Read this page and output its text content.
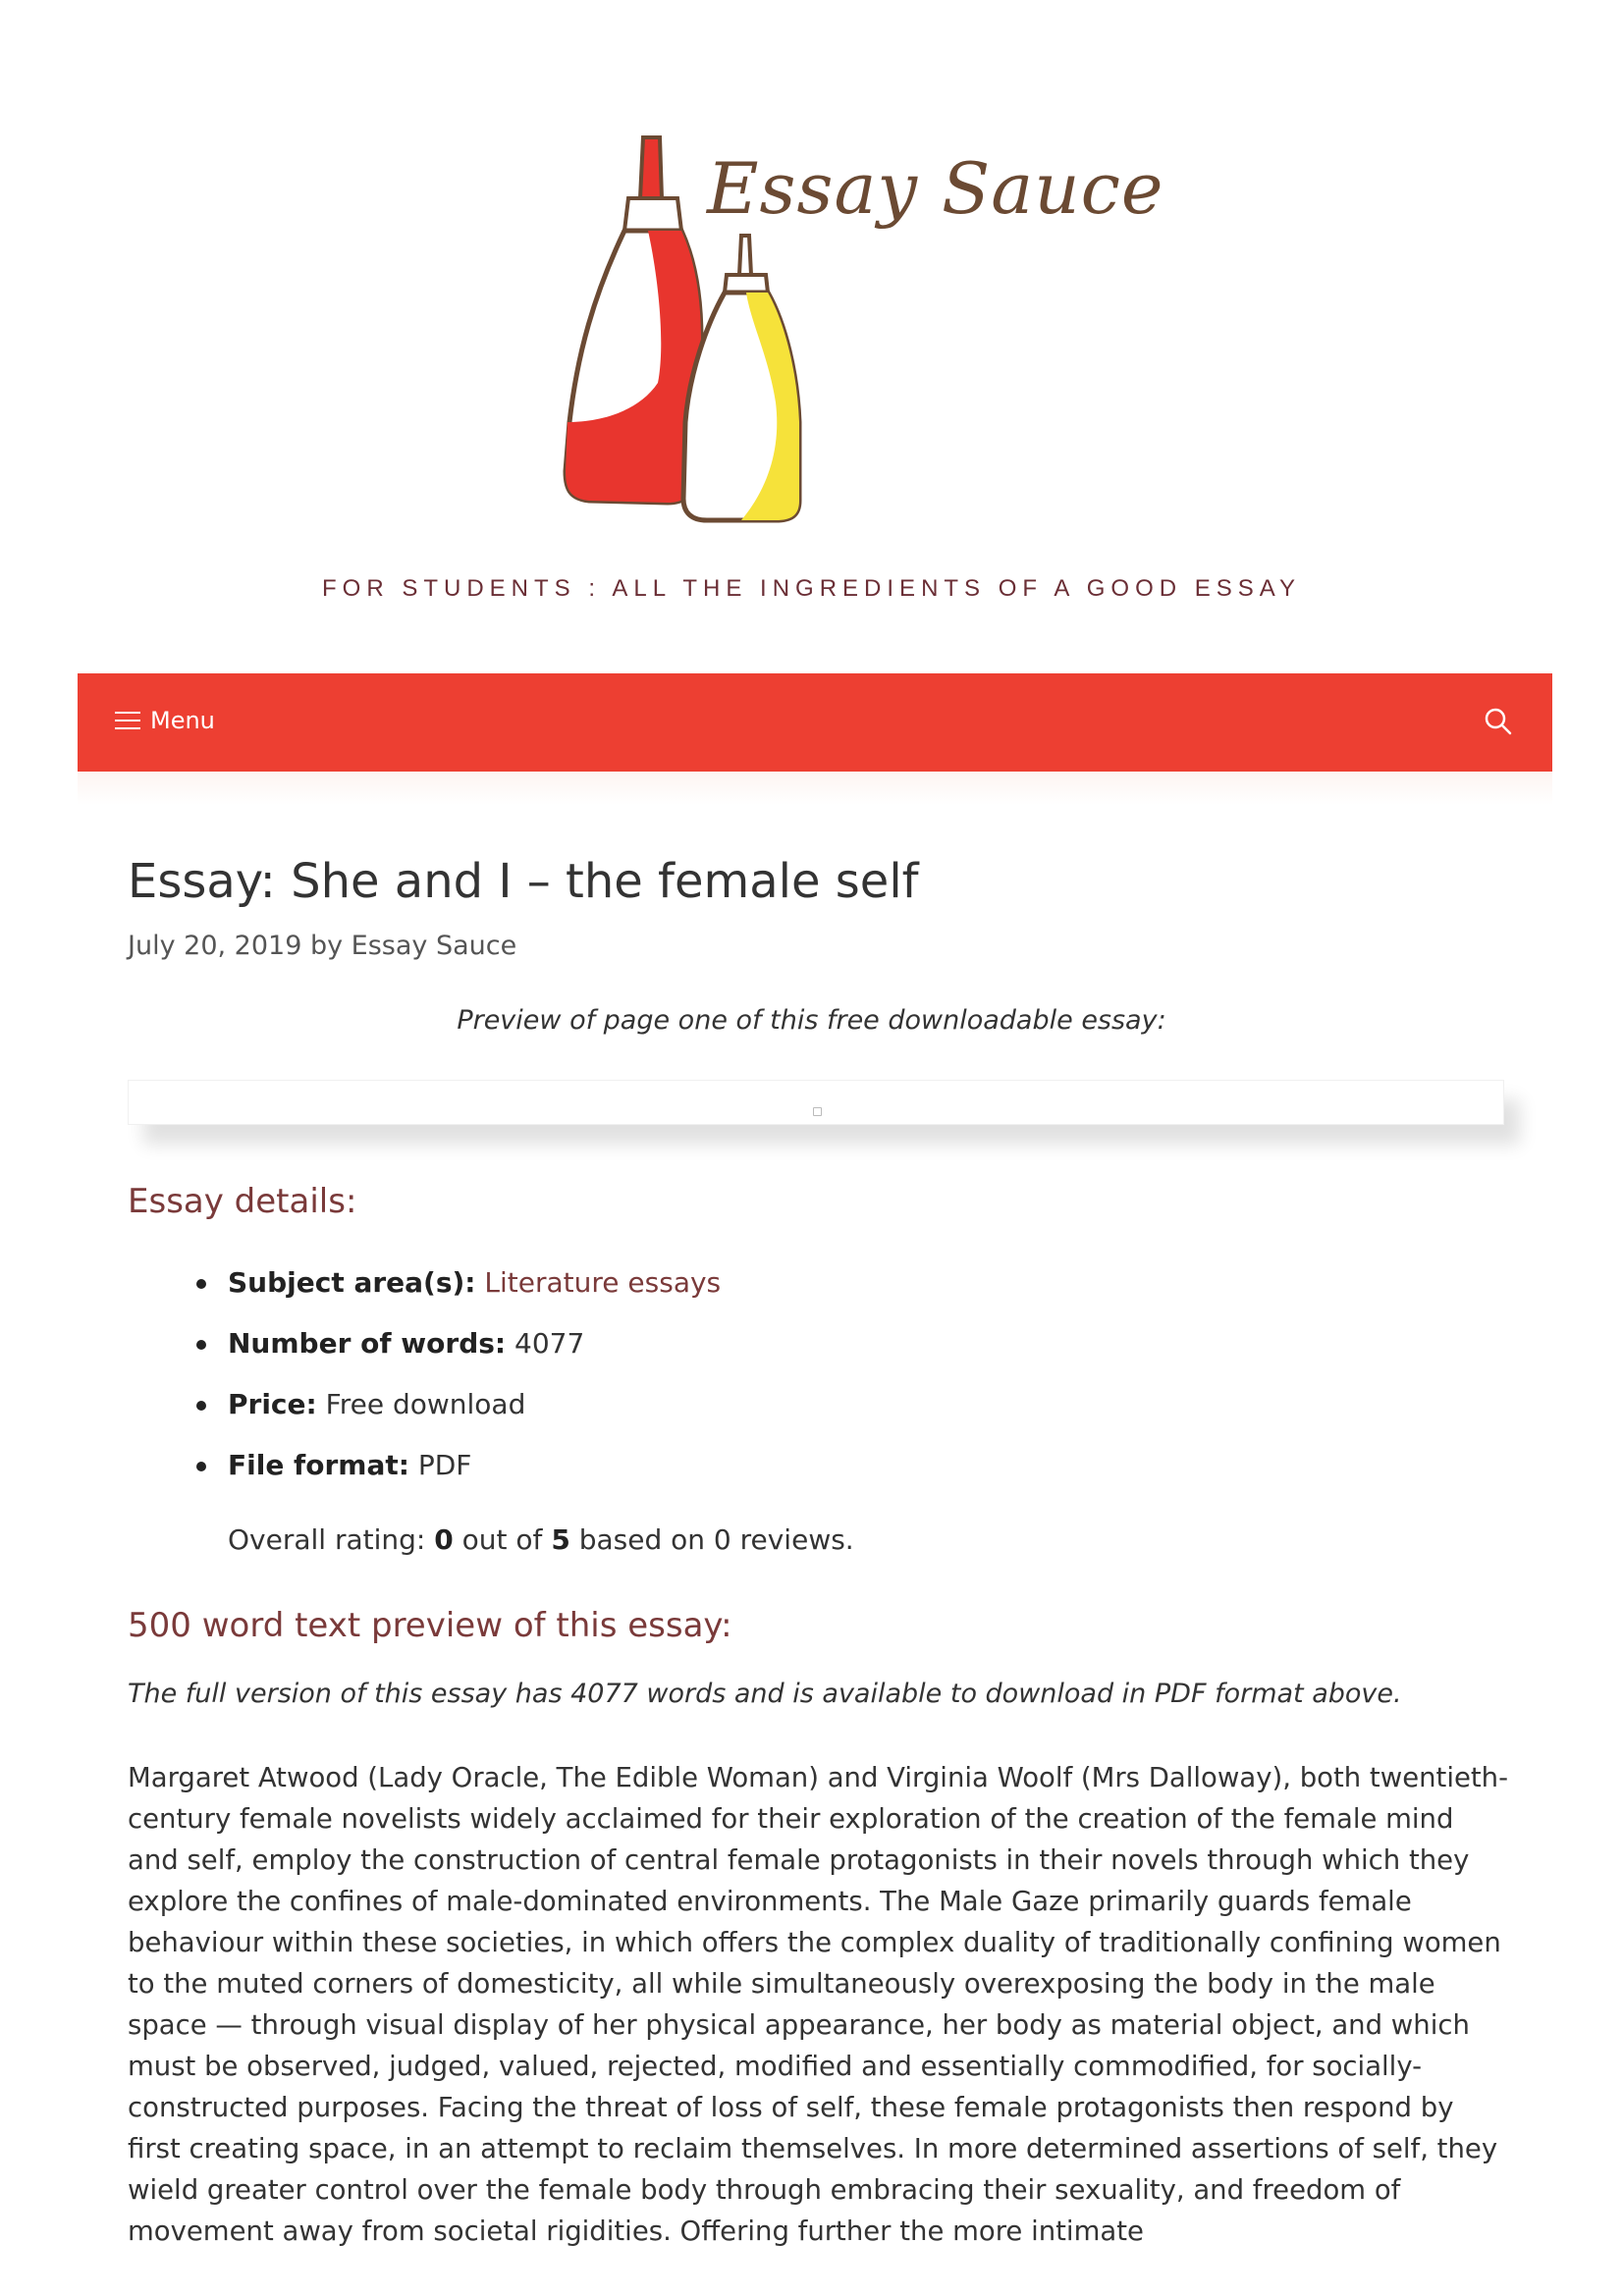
Essay Sauce
FOR STUDENTS : ALL THE INGREDIENTS OF A GOOD ESSAY
Menu
Essay: She and I – the female self
July 20, 2019 by Essay Sauce
Preview of page one of this free downloadable essay:
Essay details:
Subject area(s): Literature essays
Number of words: 4077
Price: Free download
File format: PDF
Overall rating: 0 out of 5 based on 0 reviews.
500 word text preview of this essay:
The full version of this essay has 4077 words and is available to download in PDF format above.
Margaret Atwood (Lady Oracle, The Edible Woman) and Virginia Woolf (Mrs Dalloway), both twentieth-century female novelists widely acclaimed for their exploration of the creation of the female mind and self, employ the construction of central female protagonists in their novels through which they explore the confines of male-dominated environments. The Male Gaze primarily guards female behaviour within these societies, in which offers the complex duality of traditionally confining women to the muted corners of domesticity, all while simultaneously overexposing the body in the male space — through visual display of her physical appearance, her body as material object, and which must be observed, judged, valued, rejected, modified and essentially commodified, for socially-constructed purposes. Facing the threat of loss of self, these female protagonists then respond by first creating space, in an attempt to reclaim themselves. In more determined assertions of self, they wield greater control over the female body through embracing their sexuality, and freedom of movement away from societal rigidities. Offering further the more intimate
